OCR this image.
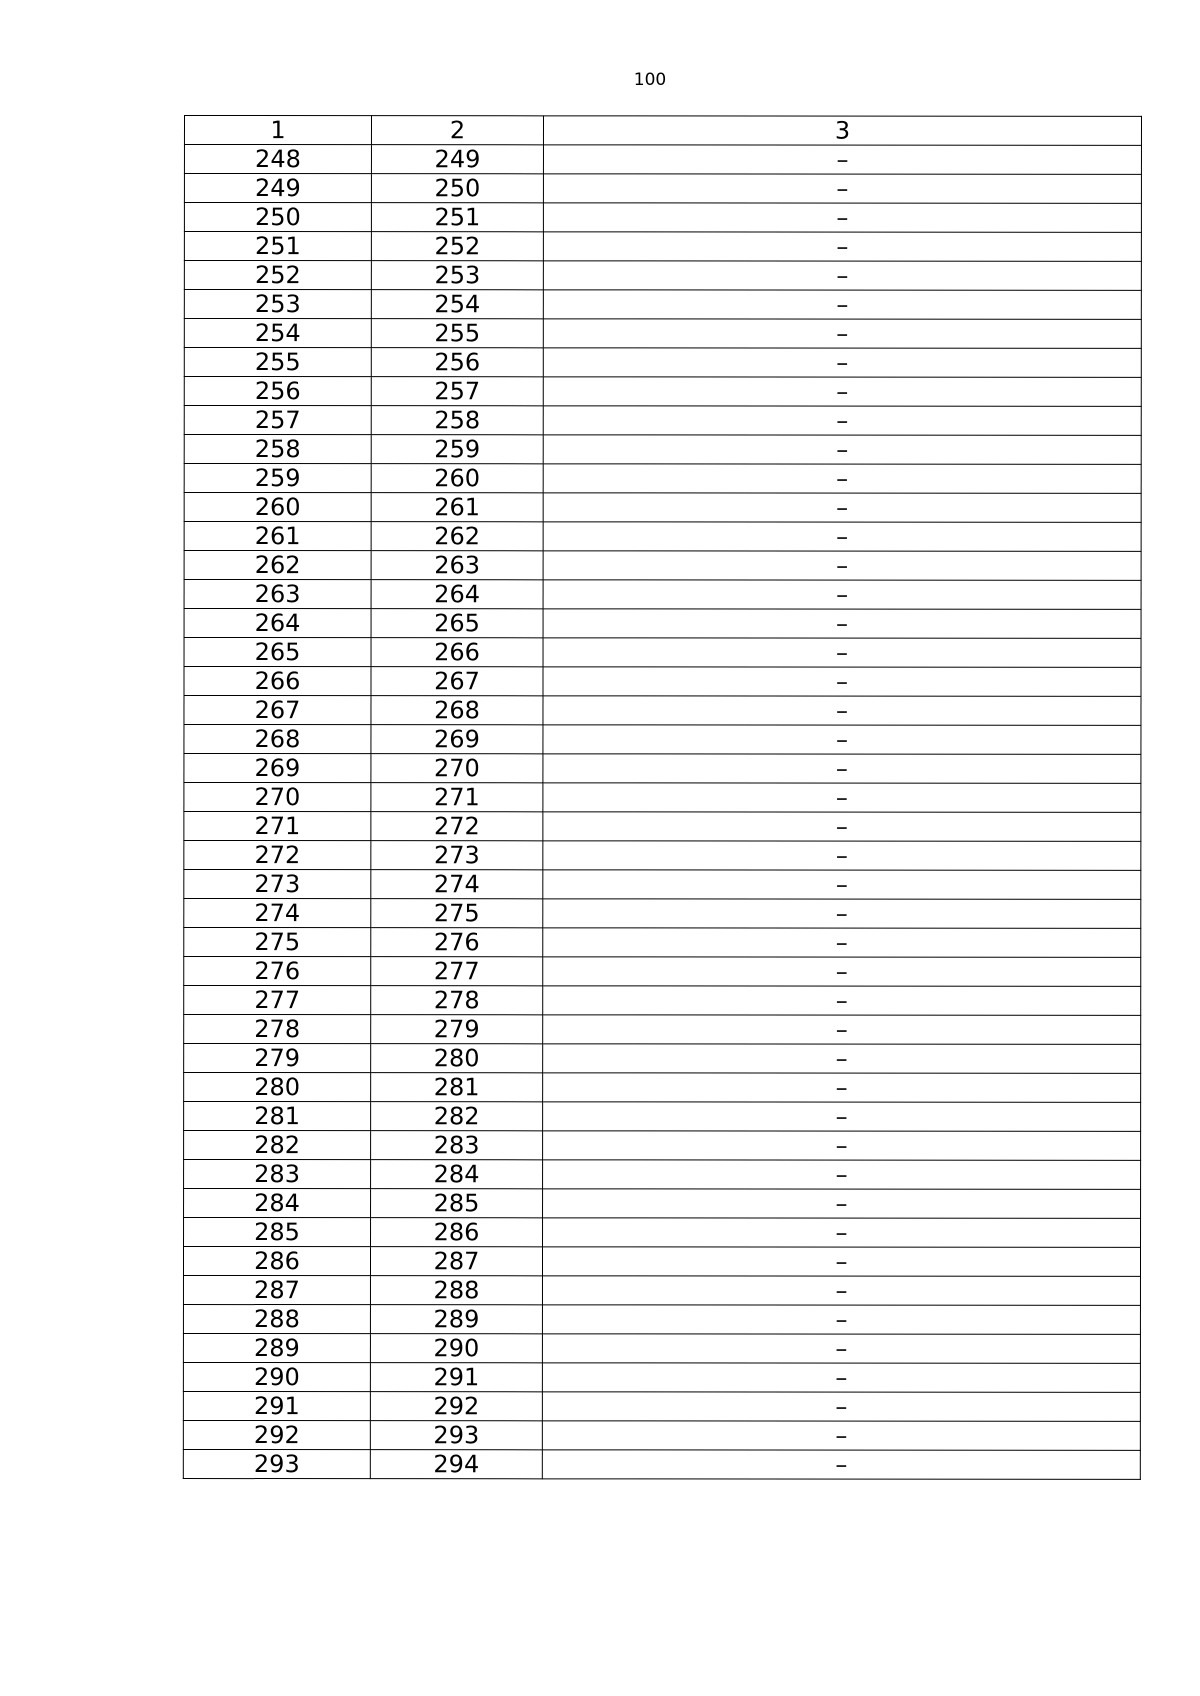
100
1	2	3
248	249	–
249	250	–
250	251	–
251	252	–
252	253	–
253	254	–
254	255	–
255	256	–
256	257	–
257	258	–
258	259	–
259	260	–
260	261	–
261	262	–
262	263	–
263	264	–
264	265	–
265	266	–
266	267	–
267	268	–
268	269	–
269	270	–
270	271	–
271	272	–
272	273	–
273	274	–
274	275	–
275	276	–
276	277	–
277	278	–
278	279	–
279	280	–
280	281	–
281	282	–
282	283	–
283	284	–
284	285	–
285	286	–
286	287	–
287	288	–
288	289	–
289	290	–
290	291	–
291	292	–
292	293	–
293	294	–
